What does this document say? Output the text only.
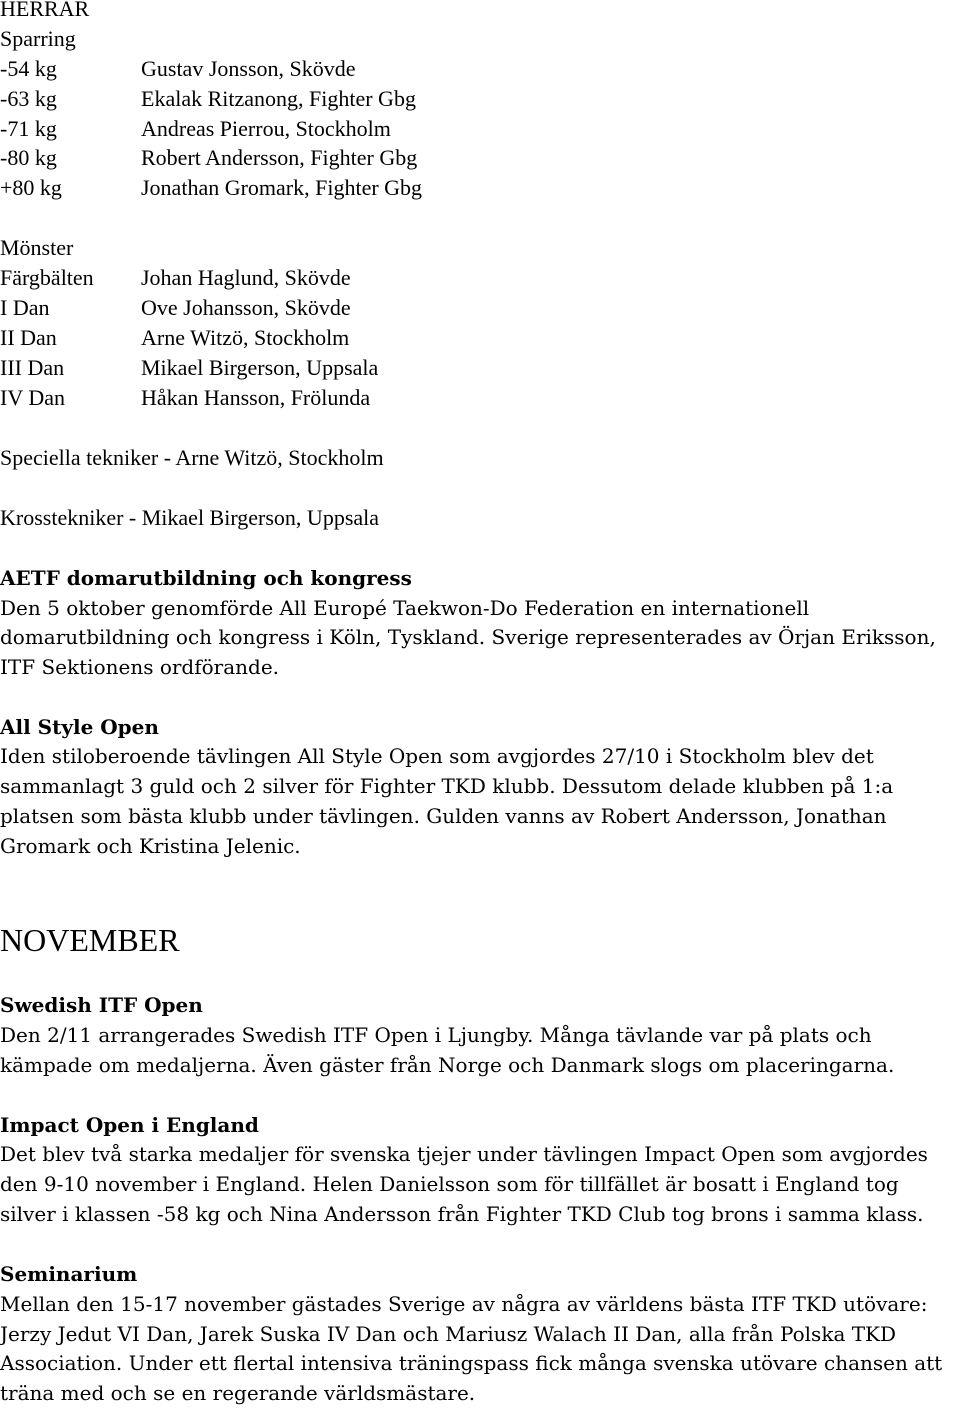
HERRAR
Sparring
-54 kg	Gustav Jonsson, Skövde
-63 kg	Ekalak Ritzanong, Fighter Gbg
-71 kg	Andreas Pierrou, Stockholm
-80 kg	Robert Andersson, Fighter Gbg
+80 kg	Jonathan Gromark, Fighter Gbg
Mönster
Färgbälten Johan Haglund, Skövde
I Dan	Ove Johansson, Skövde
II Dan	Arne Witzö, Stockholm
III Dan	Mikael Birgerson, Uppsala
IV Dan	Håkan Hansson, Frölunda
Speciella tekniker - Arne Witzö, Stockholm
Krosstekniker - Mikael Birgerson, Uppsala
AETF domarutbildning och kongress
Den 5 oktober genomförde All Europé Taekwon-Do Federation en internationell
domarutbildning och kongress i Köln, Tyskland. Sverige representerades av Örjan Eriksson,
ITF Sektionens ordförande.
All Style Open
Iden stiloberoende tävlingen All Style Open som avgjordes 27/10 i Stockholm blev det
sammanlagt 3 guld och 2 silver för Fighter TKD klubb. Dessutom delade klubben på 1:a
platsen som bästa klubb under tävlingen. Gulden vanns av Robert Andersson, Jonathan
Gromark och Kristina Jelenic.
NOVEMBER
Swedish ITF Open
Den 2/11 arrangerades Swedish ITF Open i Ljungby. Många tävlande var på plats och
kämpade om medaljerna. Även gäster från Norge och Danmark slogs om placeringarna.
Impact Open i England
Det blev två starka medaljer för svenska tjejer under tävlingen Impact Open som avgjordes
den 9-10 november i England. Helen Danielsson som för tillfället är bosatt i England tog
silver i klassen -58 kg och Nina Andersson från Fighter TKD Club tog brons i samma klass.
Seminarium
Mellan den 15-17 november gästades Sverige av några av världens bästa ITF TKD utövare:
Jerzy Jedut VI Dan, Jarek Suska IV Dan och Mariusz Walach II Dan, alla från Polska TKD
Association. Under ett flertal intensiva träningspass fick många svenska utövare chansen att
träna med och se en regerande världsmästare.
